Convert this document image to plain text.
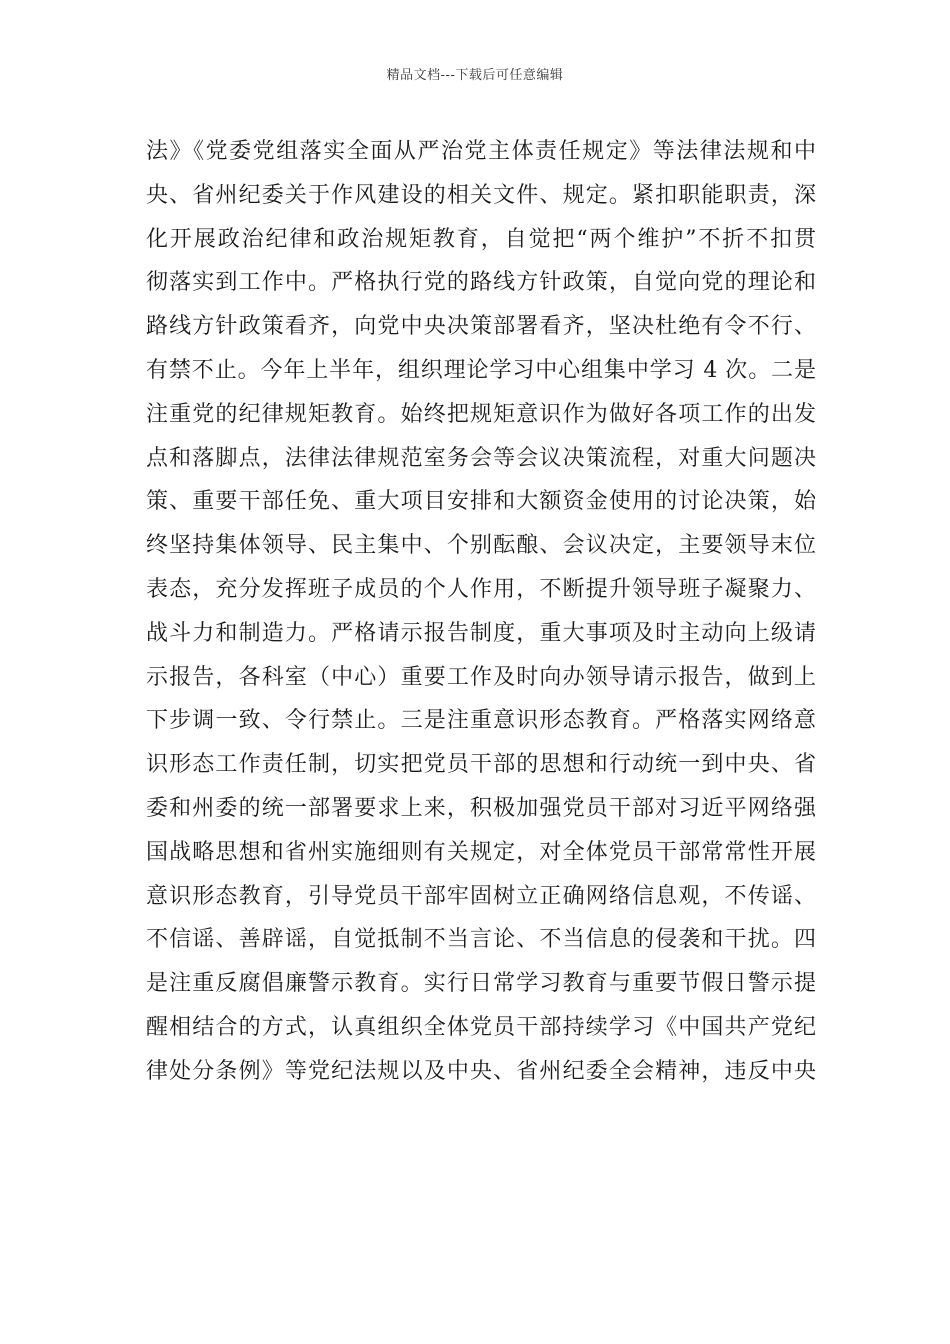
精品文档---下载后可任意编辑
法》《党委党组落实全面从严治党主体责任规定》等法律法规和中
央、省州纪委关于作风建设的相关文件、规定。紧扣职能职责，深
化开展政治纪律和政治规矩教育，自觉把“两个维护”不折不扣贯
彻落实到工作中。严格执行党的路线方针政策，自觉向党的理论和
路线方针政策看齐，向党中央决策部署看齐，坚决杜绝有令不行、
有禁不止。今年上半年，组织理论学习中心组集中学习 4 次。二是
注重党的纪律规矩教育。始终把规矩意识作为做好各项工作的出发
点和落脚点，法律法律规范室务会等会议决策流程，对重大问题决
策、重要干部任免、重大项目安排和大额资金使用的讨论决策，始
终坚持集体领导、民主集中、个别酝酿、会议决定，主要领导末位
表态，充分发挥班子成员的个人作用，不断提升领导班子凝聚力、
战斗力和制造力。严格请示报告制度，重大事项及时主动向上级请
示报告，各科室（中心）重要工作及时向办领导请示报告，做到上
下步调一致、令行禁止。三是注重意识形态教育。严格落实网络意
识形态工作责任制，切实把党员干部的思想和行动统一到中央、省
委和州委的统一部署要求上来，积极加强党员干部对习近平网络强
国战略思想和省州实施细则有关规定，对全体党员干部常常性开展
意识形态教育，引导党员干部牢固树立正确网络信息观，不传谣、
不信谣、善辟谣，自觉抵制不当言论、不当信息的侵袭和干扰。四
是注重反腐倡廉警示教育。实行日常学习教育与重要节假日警示提
醒相结合的方式，认真组织全体党员干部持续学习《中国共产党纪
律处分条例》等党纪法规以及中央、省州纪委全会精神，违反中央
